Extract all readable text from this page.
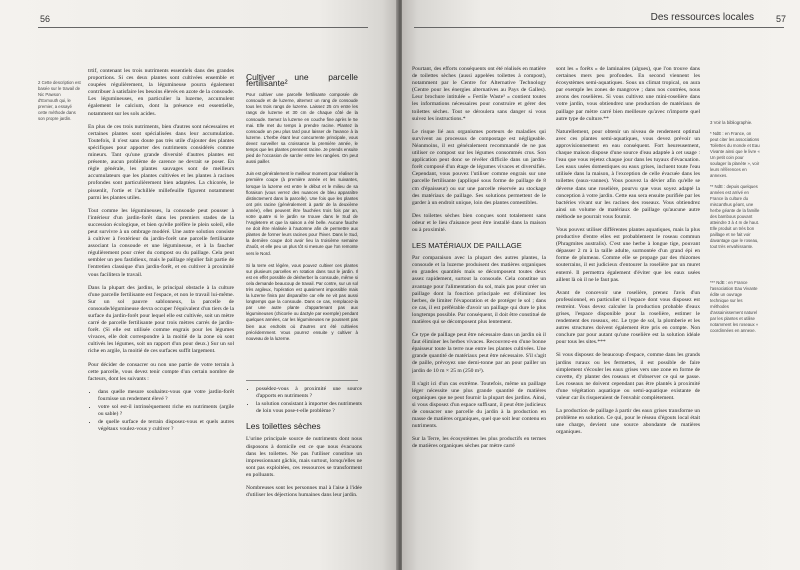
56

2 Cette description est basée sur le travail de Nic Pawson d'Exmouth qui, le premier, a essayé cette méthode dans son propre jardin.

trtif, contenant les trois nutriments essentiels dans des grandes proportions. Si ces deux plantes sont cultivées ensemble et coupées régulièrement, la légumineuse pourra également contribuer à satisfaire les besoins élevés en azote de la consoude. Les légumineuses, en particulier la luzerne, accumulent également le calcium, dont la présence est essentielle, notamment sur les sols acides.

En plus de ces trois nutriments, bien d'autres sont nécessaires et certaines plantes sont spécialisées dans leur accumulation. Toutefois, il n'est sans doute pas très utile d'ajouter des plantes spécifiques pour apporter des nutriments considérés comme mineurs. Tant qu'une grande diversité d'autres plantes est présente, aucun problème de carence ne devrait se poser. En règle générale, les plantes sauvages sont de meilleurs accumulateurs que les plantes cultivées et les plantes à racines profondes sont particulièrement bien adaptées. La chicorée, le pissenlit, l'ortie et l'achillée millefeuille figurent notamment parmi les plantes utiles.

Tout comme les légumineuses, la consoude peut pousser à l'intérieur d'un jardin-forêt dans les premiers stades de la succession écologique, et bien qu'elle préfère le plein soleil, elle peut survivre à un ombrage modéré. Une autre solution consiste à cultiver à l'extérieur du jardin-forêt une parcelle fertilisante associant la consoude et une légumineuse, et à la faucher régulièrement pour créer du compost ou du paillage. Cela peut sembler un peu fastidieux, mais le paillage régulier fait partie de l'entretien classique d'un jardin-forêt, et en cultiver à proximité vous facilitera le travail.

Dans la plupart des jardins, le principal obstacle à la culture d'une parcelle fertilisante est l'espace, et non le travail lui-même. Sur un sol pauvre sablonneux, la parcelle de consoude/légumineuse devra occuper l'équivalent d'un tiers de la surface du jardin-forêt pour lequel elle est cultivée, soit un mètre carré de parcelle fertilisante pour trois mètres carrés de jardin-forêt. (Si elle est utilisée comme engrais pour les légumes vivaces, elle doit correspondre à la moitié de la zone où sont cultivés les légumes, soit un rapport d'un pour deux.) Sur un sol riche en argile, la moitié de ces surfaces suffit largement.

Pour décider de consacrer ou non une partie de votre terrain à cette parcelle, vous devez tenir compte d'un certain nombre de facteurs, dont les suivants :

• dans quelle mesure souhaitez-vous que votre jardin-forêt fournisse un rendement élevé ?
• votre sol est-il intrinsèquement riche en nutriments (argile ou sable) ?
• de quelle surface de terrain disposez-vous et quels autres végétaux voulez-vous y cultiver ?
Cultiver une parcelle fertilisante²

Pour cultiver une parcelle fertilisante composée de consoude et de luzerne, alternez un rang de consoude tous les trois rangs de luzerne. Laissez 25 cm entre les rangs de luzerne et 30 cm de chaque côté de la consoude. Semez la luzerne en couche fine après le 5e mai. Elle met du temps à prendre racine. Plantez la consoude un peu plus tard pour laisser de l'avance à la luzerne. L'herbe étant leur concurrente principale, vous devez surveiller sa croissance la première année, le temps que les plantes prennent racine. Je prends ensuite pied de l'occasion de sarcler entre les rangées. On peut aussi pailler.

Juin est généralement le meilleur moment pour réaliser la première coupe (à première année et les suivantes, lorsque la luzerne est entre le début et le milieu de sa floraison (vous verrez des nuances de bleu apparaître distinctement dans la parcelle). Une fois que les plantes ont pris racine (généralement à partir de la deuxième année), elles peuvent être fauchées trois fois par an, votre quatre si le jardin se trouve dans le Sud de l'Angleterre et que la saison a été belle. Aucune fauche ne doit être réalisée à l'automne afin de permettre aux plantes de former leurs racines pour l'hiver. Dans le Sud, la dernière coupe doit avoir lieu la troisième semaine d'août, et elle peu un plus tôt si mesure que l'on remonte vers le Nord.

Si la terre est légère, vous pouvez cultiver ces plantes sur plusieurs parcelles en rotation dans tout le jardin. Il est en effet possible de désherber la consoude, même si cela demande beaucoup de travail. Par contre, sur un sol très argileux, l'opération est quasiment impossible mais la luzerne finira par disparaître car elle ne vit pas aussi longtemps que la consoude. Dans ce cas, remplacez-la par une autre plante d'appartenant pas aux légumineuses (chicorée ou dactyle par exemple) pendant quelques années, car les légumineuses ne poussent pas bien aux endroits où d'autres ont été cultivées précédemment. Vous pourrez ensuite y cultiver à nouveau de la luzerne.

• possédez-vous à proximité une source d'apports en nutriments ?
• la solution consistant à importer des nutriments de loin vous pose-t-elle problème ?
Les toilettes sèches

L'urine principale source de nutriments dont nous disposons à domicile est ce que nous évacuons dans les toilettes. Ne pas l'utiliser constitue un impressionnant gâchis, mais surtout, lorsqu'elles ne sont pas exploitées, ces ressources se transforment en polluants.

Nombreuses sont les personnes mal à l'aise à l'idée d'utiliser les déjections humaines dans leur jardin.

Des ressources locales 57

Pourtant, des efforts conséquents ont été réalisés en matière de toilettes sèches (aussi appelées toilettes à compost), notamment par le Centre for Alternative Technology (Centre pour les énergies alternatives au Pays de Galles). Leur brochure intitulée « Fertile Waste³ » contient toutes les informations nécessaires pour construire et gérer des toilettes sèches. Tout se déroulera sans danger si vous suivez les instructions.*

Le risque lié aux organismes porteurs de maladies qui survivent au processus de compostage est négligeable. Néanmoins, il est généralement recommandé de ne pas utiliser ce compost sur les légumes consommés crus. Son application peut donc se révéler difficile dans un jardin-forêt composé d'un étage de légumes vivaces et diversifiés. Cependant, vous pouvez l'utiliser comme engrais sur une parcelle fertilisante (appliqué sous forme de paillage de 8 cm d'épaisseur) ou sur une parcelle réservée au stockage des matériaux de paillage. Ses solutions permettent de le garder à un endroit unique, loin des plantes comestibles.

Des toilettes sèches bien conçues sont totalement sans odeur et le lieu d'aisance peut être installé dans la maison ou à proximité.

LES MATÉRIAUX DE PAILLAGE

Par comparaison avec la plupart des autres plantes, la consoude et la luzerne produisent des matières organiques en grandes quantités mais se décomposent toutes deux assez rapidement, surtout la consoude. Cela constitue un avantage pour l'alimentation du sol, mais pas pour créer un paillage dont la fonction principale est d'éliminer les herbes, de limiter l'évaporation et de protéger le sol ; dans ce cas, il est préférable d'avoir un paillage qui dure le plus longtemps possible. Par conséquent, il doit être constitué de matières qui se décomposent plus lentement.

Ce type de paillage peut être nécessaire dans un jardin où il faut éliminer les herbes vivaces. Recouvrez-en d'une bonne épaisseur toute la terre nue entre les plantes cultivées. Une grande quantité de matériaux peut être nécessaire. S'il s'agit de paille, prévoyez une demi-tonne par an pour pailler un jardin de 10 m × 25 m (250 m²).

Il s'agit ici d'un cas extrême. Toutefois, même un paillage léger nécessite une plus grande quantité de matières organiques que ne peut fournir la plupart des jardins. Ainsi, si vous disposez d'un espace suffisant, il peut être judicieux de consacrer une parcelle du jardin à la production en masse de matières organiques, quel que soit leur contenu en nutriments.

Sur la Terre, les écosystèmes les plus productifs en termes de matières organiques sèches par mètre carré

sont les « forêts » de laminaires (algues), que l'on trouve dans certaines mers peu profondes. En second viennent les écosystèmes semi-aquatiques. Sous un climat tropical, on aura par exemple les zones de mangrove ; dans nos contrées, nous avons des roselières. Si vous cultivez une mini-roselière dans votre jardin, vous obtiendrez une production de matériaux de paillage par mètre carré bien meilleure qu'avec n'importe quel autre type de culture.**

Naturellement, pour obtenir un niveau de rendement optimal avec ces plantes semi-aquatiques, vous devez prévoir un approvisionnement en eau conséquent. Fort heureusement, chaque maison dispose d'une source d'eau adaptée à cet usage : l'eau que vous rejetez chaque jour dans les tuyaux d'évacuation. Les eaux usées domestiques ou eaux grises, incluent toute l'eau utilisée dans la maison, à l'exception de celle évacuée dans les toilettes (eaux-vannes). Vous pouvez la dévier afin qu'elle se déverse dans une roselière, pourvu que vous soyez adapté la conception à votre jardin. Cette eau sera ensuite purifiée par les bactéries vivant sur les racines des roseaux. Vous obtiendrez ainsi un volume de matériaux de paillage qu'aucune autre méthode ne pourrait vous fournir.

Vous pouvez utiliser différentes plantes aquatiques, mais la plus productive d'entre elles est probablement le roseau commun (Phragmites australis). C'est une herbe à longue tige, pouvant dépasser 2 m à la taille adulte, surmontée d'un grand épi en forme de plumeau. Comme elle se propage par des rhizomes souterrains, il est judicieux d'entourer la roselière par un muret enterré. Il permettra également d'éviter que les eaux usées aillent là où il ne le faut pas.

Avant de concevoir une roselière, prenez l'avis d'un professionnel, en particulier si l'espace dont vous disposez est restreint. Vous devez calculer la production probable d'eaux grises, l'espace disponible pour la roselière, estimer le rendement des roseaux, etc. Le type de sol, la plomberie et les autres structures doivent également être pris en compte. Non conclure par pour autant qu'une roselière est la solution idéale pour tous les sites.***

Si vous disposez de beaucoup d'espace, comme dans les grands jardins ruraux ou les fermettes, il est possible de faire simplement s'écouler les eaux grises vers une zone en forme de cuvette, d'y planter des roseaux et d'observer ce qui se passe. Les roseaux ne doivent cependant pas être plantés à proximité d'une végétation aquatique ou semi-aquatique existante de valeur car ils risqueraient de l'envahir complètement.

La production de paillage à partir des eaux grises transforme un problème en solution. Ce qui, pour le réseau d'égouts local était une charge, devient une source abondante de matières organiques.

3 Voir la bibliographie.

* NdE : en France, on peut citer les associations Toilettes du monde et Eau Vivante ainsi que le livre « Un petit coin pour soulager la planète », voir leurs références en annexes.

** NdE : depuis quelques années est arrivé en France la culture du miscanthus géant, une herbe géante de la famille des bambous pouvant atteindre 3 à 4 m de haut. Elle produit un très bon paillage et ne fait voir davantage que le roseau, tout très envahissante.

*** NdE : en France l'association Eau Vivante édite un ouvrage technique sur les méthodes d'assainissement naturel par les plantes et utilise notamment les roseaux « coordinnées en annexe.
